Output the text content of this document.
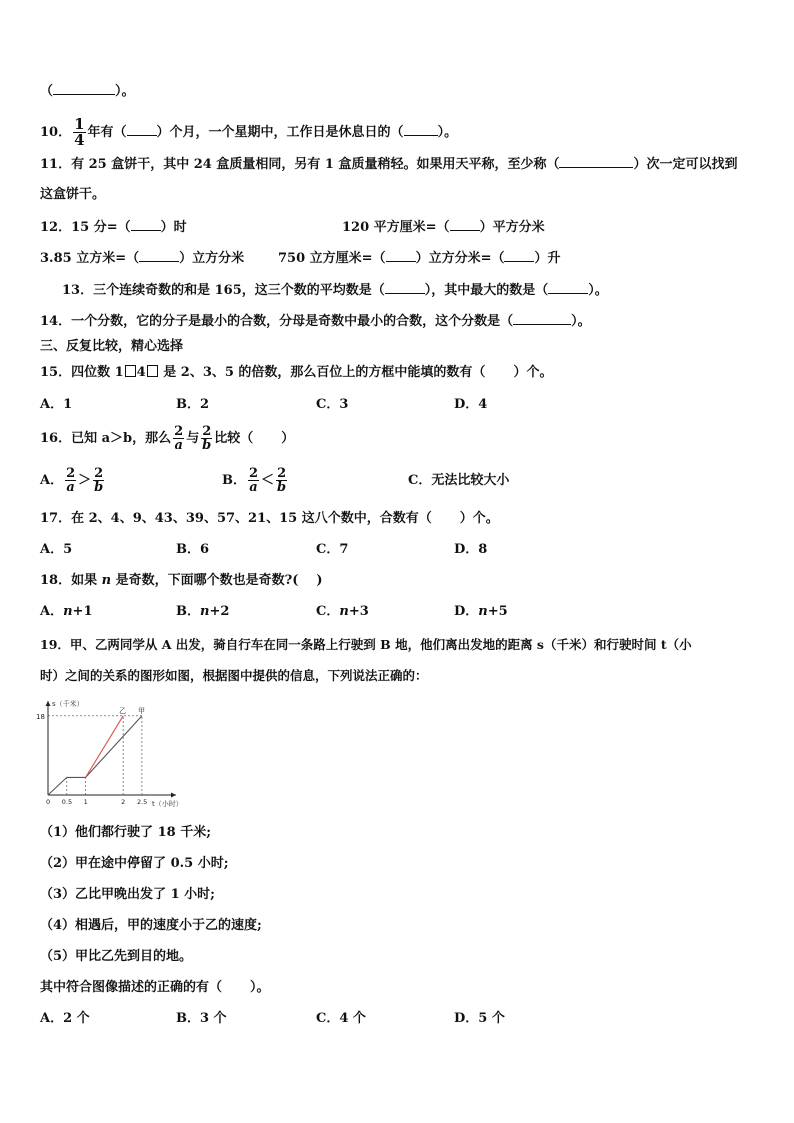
（	）。
10． $\frac{1}{4}$ 年有（ ）个月，一个星期中，工作日是休息日的（	）。
11．有 25 盒饼干，其中 24 盒质量相同，另有 1 盒质量稍轻。如果用天平称，至少称（	）次一定可以找到
这盒饼干。
12．15 分=（ ）时	120 平方厘米=（ ）平方分米
3.85 立方米=（	）立方分米	750 立方厘米=（ ）立方分米=（ ）升
13．三个连续奇数的和是 165，这三个数的平均数是（	），其中最大的数是（	）。
14．一个分数，它的分子是最小的合数，分母是奇数中最小的合数，这个分数是（	）。
三、反复比较，精心选择
15．四位数 1 4 是 2、3、5 的倍数，那么百位上的方框中能填的数有（ ）个。
A．1	B．2	C．3	D．4
16．已知 a＞b，那么 $\frac{2}{a}$ 与 $\frac{2}{b}$ 比较（ ）
A． $\frac{2}{a} > \frac{2}{b}$	B． $\frac{2}{a} < \frac{2}{b}$	C．无法比较大小
17．在 2、4、9、43、39、57、21、15 这八个数中，合数有（ ）个。
A．5	B．6	C．7	D．8
18．如果 n 是奇数，下面哪个数也是奇数?( )
A．n+1	B．n+2	C．n+3	D．n+5
19．甲、乙两同学从 A 出发，骑自行车在同一条路上行驶到 B 地，他们离出发地的距离 s（千米）和行驶时间 t（小
时）之间的关系的图形如图，根据图中提供的信息，下列说法正确的：
s（千米）
t（小时）
18
0 0.5 1	2 2.5
甲
乙
（1）他们都行驶了 18 千米;
（2）甲在途中停留了 0.5 小时;
（3）乙比甲晚出发了 1 小时;
（4）相遇后，甲的速度小于乙的速度;
（5）甲比乙先到目的地。
其中符合图像描述的正确的有（ ）。
A．2 个	B．3 个	C．4 个	D．5 个
